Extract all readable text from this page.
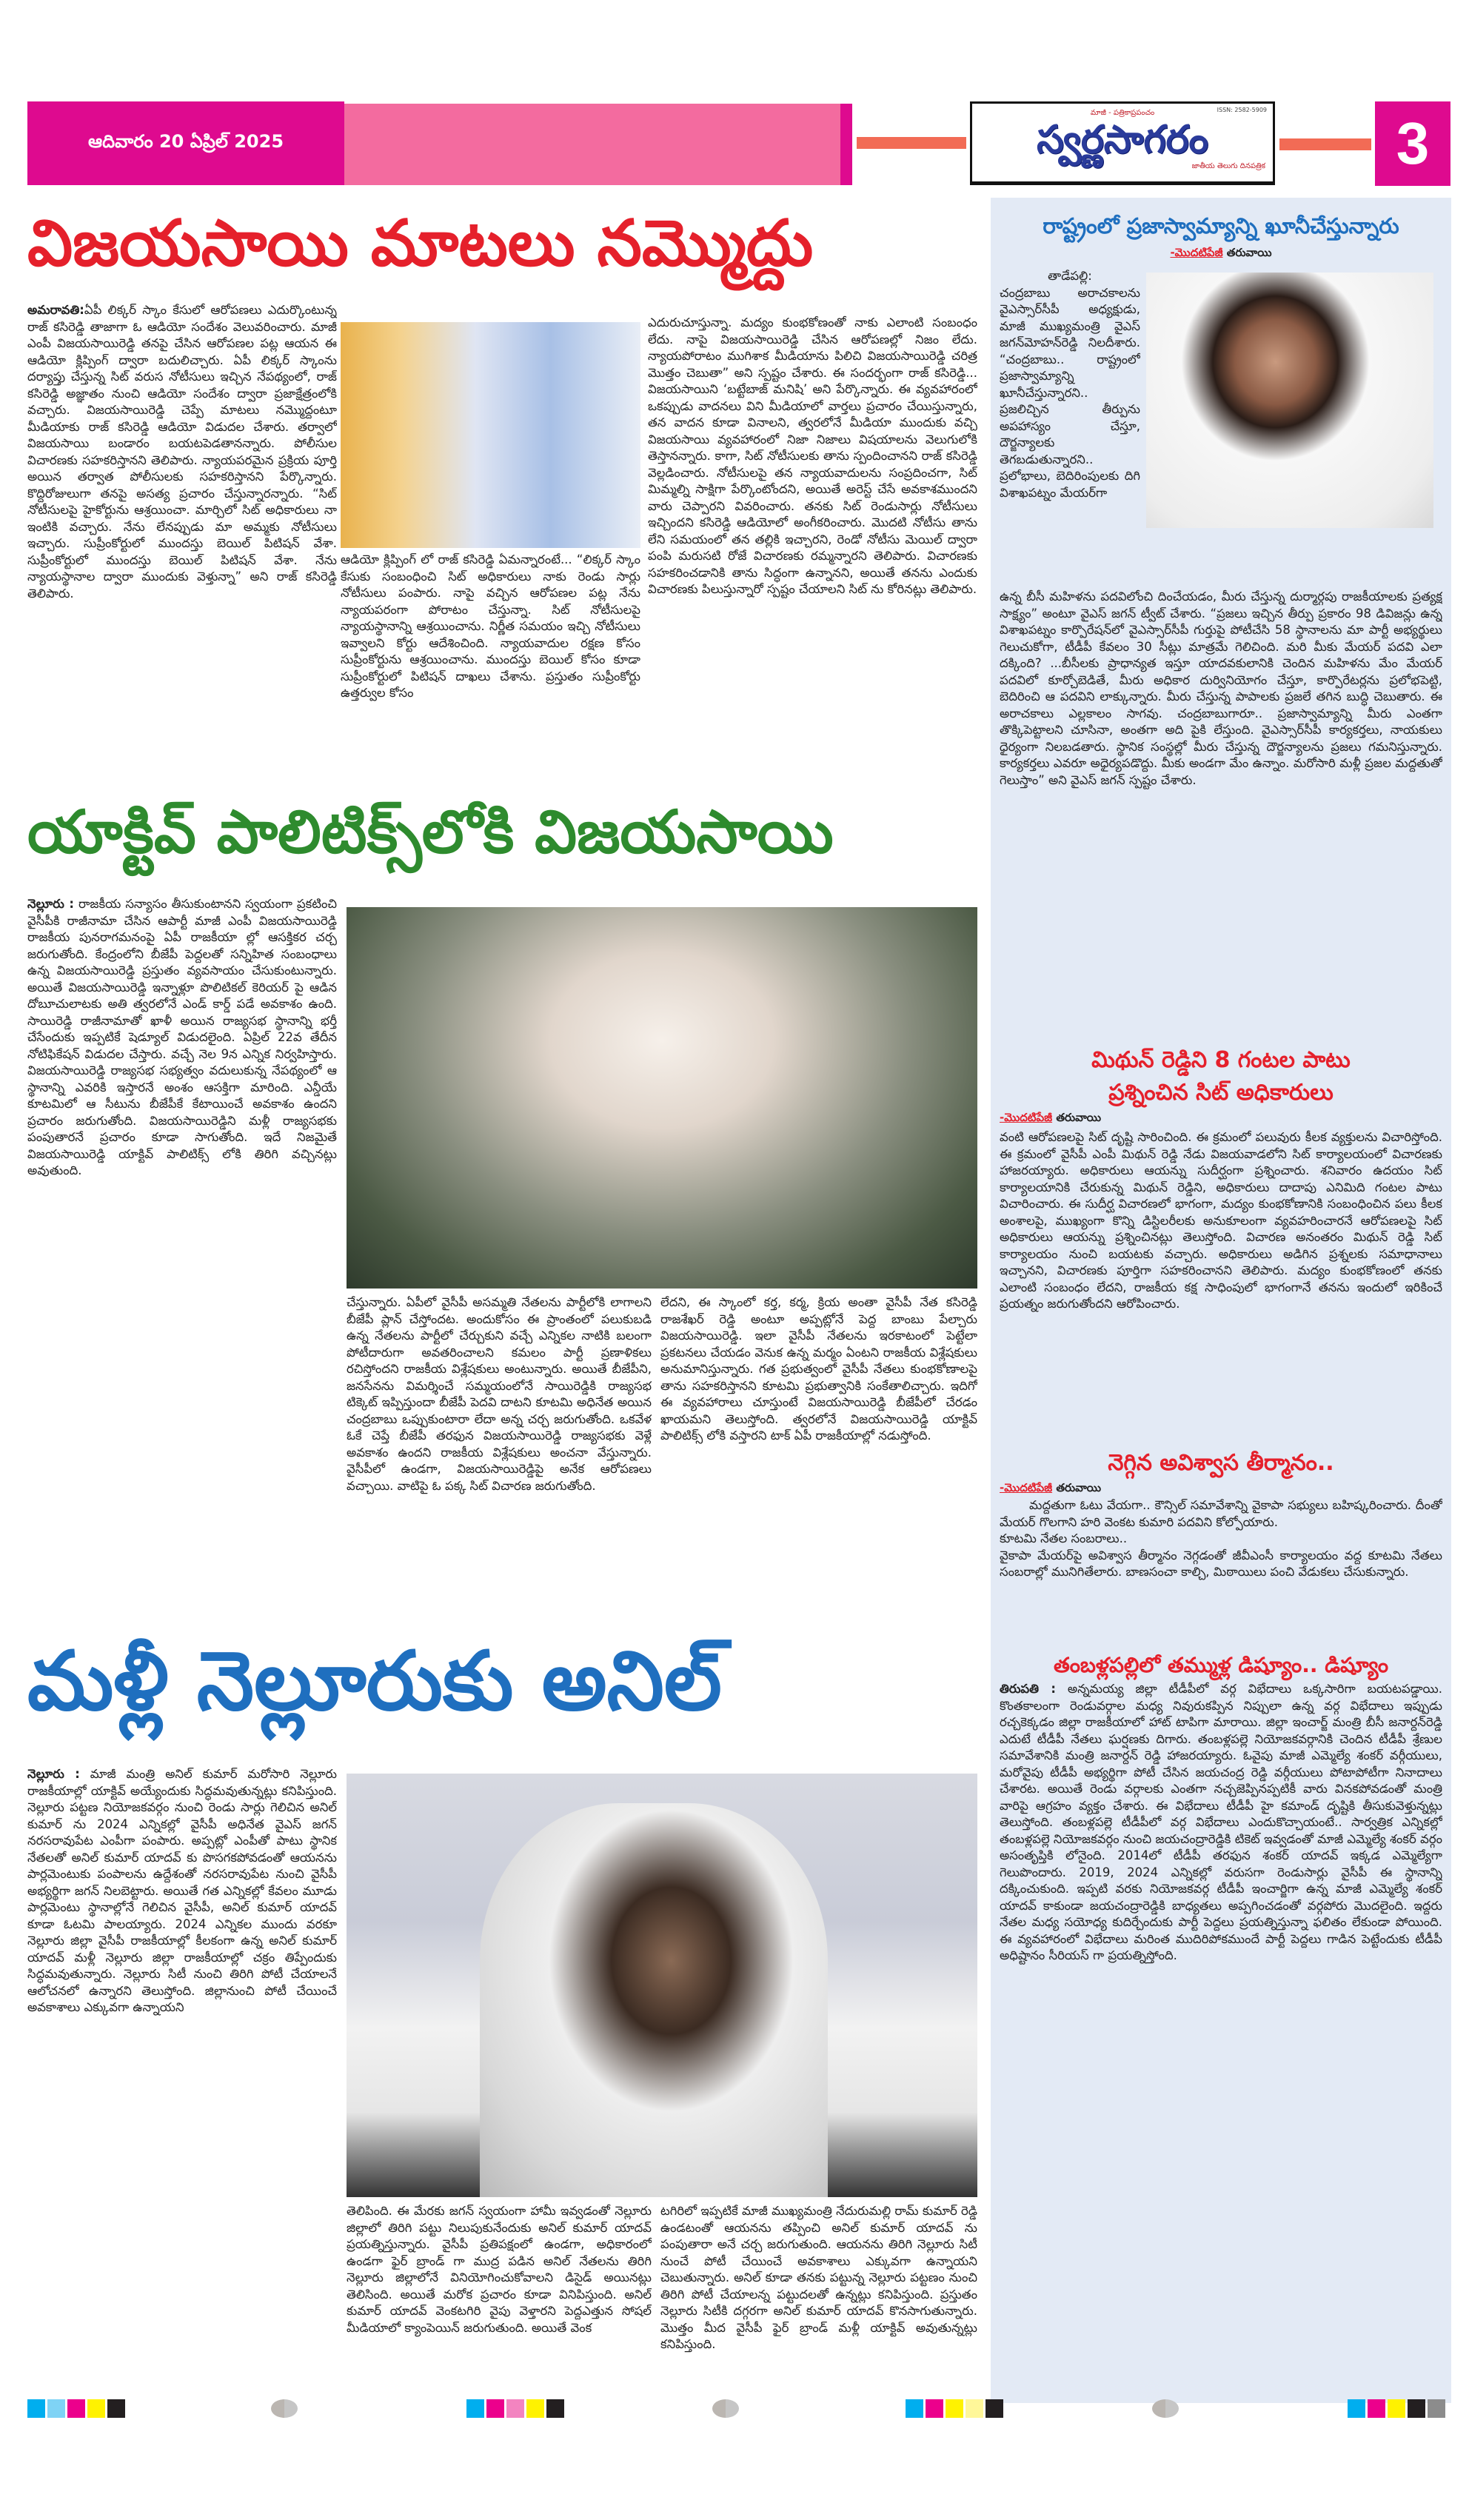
ఆదివారం 20 ఏప్రిల్ 2025
ISSN: 2582-5909
మాజీ - పత్రికాప్రపంచం
స్వర్ణసాగరం
జాతీయ తెలుగు దినపత్రిక	3
విజయసాయి మాటలు నమ్మొద్దు

అమరావతి:ఏపీ లిక్కర్ స్కాం కేసులో ఆరోపణలు ఎదుర్కొంటున్న రాజ్ కసిరెడ్డి తాజాగా ఓ ఆడియో సందేశం వెలువరించారు. మాజీ ఎంపీ విజయసాయిరెడ్డి తనపై చేసిన ఆరోపణల పట్ల ఆయన ఈ ఆడియో క్లిప్పింగ్ ద్వారా బదులిచ్చారు. ఏపీ లిక్కర్ స్కాంను దర్యాప్తు చేస్తున్న సిట్ వరుస నోటీసులు ఇచ్చిన నేపథ్యంలో, రాజ్ కసిరెడ్డి అజ్ఞాతం నుంచి ఆడియో సందేశం ద్వారా ప్రజాక్షేత్రంలోకి వచ్చారు. విజయసాయిరెడ్డి చెప్పే మాటలు నమ్మొద్దంటూ మీడియాకు రాజ్ కసిరెడ్డి ఆడియో విడుదల చేశారు. తర్వాలో విజయసాయి బండారం బయటపెడతానన్నారు. పోలీసుల విచారణకు సహకరిస్తానని తెలిపారు. న్యాయపరమైన ప్రక్రియ పూర్తి అయిన తర్వాత పోలీసులకు సహకరిస్తానని పేర్కొన్నారు. కొద్దిరోజులుగా తనపై అసత్య ప్రచారం చేస్తున్నారన్నారు. “సిట్ నోటీసులపై హైకోర్టును ఆశ్రయించా. మార్చిలో సిట్ అధికారులు నా ఇంటికి వచ్చారు. నేను లేనప్పుడు మా అమ్మకు నోటీసులు ఇచ్చారు. సుప్రీంకోర్టులో ముందస్తు బెయిల్ పిటిషన్ వేశా. సుప్రీంకోర్టులో ముందస్తు బెయిల్ పిటిషన్ వేశా. నేను న్యాయస్థానాల ద్వారా ముందుకు వెళ్తున్నా” అని రాజ్ కసిరెడ్డి తెలిపారు.

ఆడియో క్లిప్పింగ్ లో రాజ్ కసిరెడ్డి ఏమన్నారంటే... “లిక్కర్ స్కాం కేసుకు సంబంధించి సిట్ అధికారులు నాకు రెండు సార్లు నోటీసులు పంపారు. నాపై వచ్చిన ఆరోపణల పట్ల నేను న్యాయపరంగా పోరాటం చేస్తున్నా. సిట్ నోటీసులపై న్యాయస్థానాన్ని ఆశ్రయించాను. నిర్ణీత సమయం ఇచ్చి నోటీసులు ఇవ్వాలని కోర్టు ఆదేశించింది. న్యాయవాదుల రక్షణ కోసం సుప్రీంకోర్టును ఆశ్రయించాను. ముందస్తు బెయిల్ కోసం కూడా సుప్రీంకోర్టులో పిటిషన్ దాఖలు చేశాను. ప్రస్తుతం సుప్రీంకోర్టు ఉత్తర్వుల కోసం
ఎదురుచూస్తున్నా. మద్యం కుంభకోణంతో నాకు ఎలాంటి సంబంధం లేదు. నాపై విజయసాయిరెడ్డి చేసిన ఆరోపణల్లో నిజం లేదు. న్యాయపోరాటం ముగిశాక మీడియాను పిలిచి విజయసాయిరెడ్డి చరిత్ర మొత్తం చెబుతా” అని స్పష్టం చేశారు. ఈ సందర్భంగా రాజ్ కసిరెడ్డి... విజయసాయిని ‘బట్టేబాజ్ మనిషి’ అని పేర్కొన్నారు. ఈ వ్యవహారంలో ఒకప్పుడు వాదనలు విని మీడియాలో వార్తలు ప్రచారం చేయిస్తున్నారు, తన వాదన కూడా వినాలని, త్వరలోనే మీడియా ముందుకు వచ్చి విజయసాయి వ్యవహారంలో నిజా నిజాలు విషయాలను వెలుగులోకి తెస్తానన్నారు. కాగా, సిట్ నోటీసులకు తాను స్పందించానని రాజ్ కసిరెడ్డి వెల్లడించారు. నోటీసులపై తన న్యాయవాదులను సంప్రదించగా, సిట్ మిమ్మల్ని సాక్షిగా పేర్కొంటోందని, అయితే అరెస్ట్ చేసే అవకాశముందని వారు చెప్పారని వివరించారు. తనకు సిట్ రెండుసార్లు నోటీసులు ఇచ్చిందని కసిరెడ్డి ఆడియోలో అంగీకరించారు. మొదటి నోటీసు తాను లేని సమయంలో తన తల్లికి ఇచ్చారని, రెండో నోటీసు మెయిల్ ద్వారా పంపి మరుసటి రోజే విచారణకు రమ్మన్నారని తెలిపారు. విచారణకు సహకరించడానికి తాను సిద్ధంగా ఉన్నానని, అయితే తనను ఎందుకు విచారణకు పిలుస్తున్నారో స్పష్టం చేయాలని సిట్ ను కోరినట్లు తెలిపారు.
యాక్టివ్ పాలిటిక్స్‌లోకి విజయసాయి

నెల్లూరు : రాజకీయ సన్యాసం తీసుకుంటానని స్వయంగా ప్రకటించి వైసీపీకి రాజీనామా చేసిన ఆపార్టీ మాజీ ఎంపీ విజయసాయిరెడ్డి రాజకీయ పునరాగమనంపై ఏపీ రాజకీయా ల్లో ఆసక్తికర చర్చ జరుగుతోంది. కేంద్రంలోని బీజేపీ పెద్దలతో సన్నిహిత సంబంధాలు ఉన్న విజయసాయిరెడ్డి ప్రస్తుతం వ్యవసాయం చేసుకుంటున్నారు. అయితే విజయసాయిరెడ్డి ఇన్నాళ్లూ పొలిటికల్ కెరియర్ పై ఆడిన దోబూచులాటకు అతి త్వరలోనే ఎండ్ కార్డ్ పడే అవకాశం ఉంది. సాయిరెడ్డి రాజీనామాతో ఖాళీ అయిన రాజ్యసభ స్థానాన్ని భర్తీ చేసేందుకు ఇప్పటికే షెడ్యూల్ విడుదలైంది. ఏప్రిల్ 22వ తేదీన నోటిఫికేషన్ విడుదల చేస్తారు. వచ్చే నెల 9న ఎన్నిక నిర్వహిస్తారు. విజయసాయిరెడ్డి రాజ్యసభ సభ్యత్వం వదులుకున్న నేపథ్యంలో ఆ స్థానాన్ని ఎవరికి ఇస్తారనే అంశం ఆసక్తిగా మారింది. ఎన్డీయే కూటమిలో ఆ సీటును బీజేపీకే కేటాయించే అవకాశం ఉందని ప్రచారం జరుగుతోంది. విజయసాయిరెడ్డిని మళ్లీ రాజ్యసభకు పంపుతారనే ప్రచారం కూడా సాగుతోంది. ఇదే నిజమైతే విజయసాయిరెడ్డి యాక్టివ్ పాలిటిక్స్ లోకి తిరిగి వచ్చినట్లు అవుతుంది.

చేస్తున్నారు. ఏపీలో వైసీపీ అసమ్మతి నేతలను పార్టీలోకి లాగాలని బీజేపీ ప్లాన్ చేస్తోందట. అందుకోసం ఈ ప్రాంతంలో పలుకుబడి ఉన్న నేతలను పార్టీలో చేర్చుకుని వచ్చే ఎన్నికల నాటికి బలంగా పోటీదారుగా అవతరించాలని కమలం పార్టీ ప్రణాళికలు రచిస్తోందని రాజకీయ విశ్లేషకులు అంటున్నారు. అయితే బీజేపీని, జనసేనను విమర్శించే సమ్మయంలోనే సాయిరెడ్డికి రాజ్యసభ టిక్కెట్ ఇప్పిస్తుందా బీజేపీ పెదవి దాటని కూటమి అధినేత అయిన చంద్రబాబు ఒప్పుకుంటారా లేదా అన్న చర్చ జరుగుతోంది. ఒకవేళ ఓకే చెప్తే బీజేపీ తరఫున విజయసాయిరెడ్డి రాజ్యసభకు వెళ్లే అవకాశం ఉందని రాజకీయ విశ్లేషకులు అంచనా వేస్తున్నారు. వైసీపీలో ఉండగా, విజయసాయిరెడ్డిపై అనేక ఆరోపణలు వచ్చాయి. వాటిపై ఓ పక్క సిట్ విచారణ జరుగుతోంది.
లేదని, ఈ స్కాంలో కర్త, కర్మ, క్రియ అంతా వైసీపీ నేత కసిరెడ్డి రాజశేఖర్ రెడ్డి అంటూ అప్పట్లోనే పెద్ద బాంబు పేల్చారు విజయసాయిరెడ్డి. ఇలా వైసీపీ నేతలను ఇరకాటంలో పెట్టేలా ప్రకటనలు చేయడం వెనుక ఉన్న మర్మం ఏంటని రాజకీయ విశ్లేషకులు అనుమానిస్తున్నారు. గత ప్రభుత్వంలో వైసీపీ నేతలు కుంభకోణాలపై తాను సహకరిస్తానని కూటమి ప్రభుత్వానికి సంకేతాలిచ్చారు. ఇదిగో ఈ వ్యవహారాలు చూస్తుంటే విజయసాయిరెడ్డి బీజేపీలో చేరడం ఖాయమని తెలుస్తోంది. త్వరలోనే విజయసాయిరెడ్డి యాక్టివ్ పాలిటిక్స్ లోకి వస్తారని టాక్ ఏపీ రాజకీయాల్లో నడుస్తోంది.
మళ్లీ నెల్లూరుకు అనిల్

నెల్లూరు : మాజీ మంత్రి అనిల్ కుమార్ మరోసారి నెల్లూరు రాజకీయాల్లో యాక్టివ్ అయ్యేందుకు సిద్ధమవుతున్నట్లు కనిపిస్తుంది. నెల్లూరు పట్టణ నియోజకవర్గం నుంచి రెండు సార్లు గెలిచిన అనిల్ కుమార్ ను 2024 ఎన్నికల్లో వైసీపీ అధినేత వైఎస్ జగన్ నరసరావుపేట ఎంపీగా పంపారు. అప్పట్లో ఎంపీతో పాటు స్థానిక నేతలతో అనిల్ కుమార్ యాదవ్ కు పొసగకపోవడంతో ఆయనను పార్లమెంటుకు పంపాలను ఉద్దేశంతో నరసరావుపేట నుంచి వైసీపీ అభ్యర్థిగా జగన్ నిలబెట్టారు. అయితే గత ఎన్నికల్లో కేవలం మూడు పార్లమెంటు స్థానాల్లోనే గెలిచిన వైసీపీ, అనిల్ కుమార్ యాదవ్ కూడా ఓటమి పాలయ్యారు. 2024 ఎన్నికల ముందు వరకూ నెల్లూరు జిల్లా వైసీపీ రాజకీయాల్లో కీలకంగా ఉన్న అనిల్ కుమార్ యాదవ్ మళ్లీ నెల్లూరు జిల్లా రాజకీయాల్లో చక్రం తిప్పేందుకు సిద్ధమవుతున్నారు. నెల్లూరు సిటీ నుంచి తిరిగి పోటీ చేయాలనే ఆలోచనలో ఉన్నారని తెలుస్తోంది. జిల్లానుంచి పోటీ చేయించే అవకాశాలు ఎక్కువగా ఉన్నాయని

తెలిపింది. ఈ మేరకు జగన్ స్వయంగా హామీ ఇవ్వడంతో నెల్లూరు జిల్లాలో తిరిగి పట్టు నిలుపుకునేందుకు అనిల్ కుమార్ యాదవ్ ప్రయత్నిస్తున్నారు. వైసీపీ ప్రతిపక్షంలో ఉండగా, అధికారంలో ఉండగా ఫైర్ బ్రాండ్ గా ముద్ర పడిన అనిల్ నేతలను తిరిగి నెల్లూరు జిల్లాలోనే వినియోగించుకోవాలని డిసైడ్ అయినట్లు తెలిసింది. అయితే మరోక ప్రచారం కూడా వినిపిస్తుంది. అనిల్ కుమార్ యాదవ్ వెంకటగిరి వైపు వెళ్తారని పెద్దఎత్తున సోషల్ మీడియాలో క్యాంపెయిన్ జరుగుతుంది. అయితే వెంక
టగిరిలో ఇప్పటికే మాజీ ముఖ్యమంత్రి నేదురుమల్లి రామ్ కుమార్ రెడ్డి ఉండటంతో ఆయనను తప్పించి అనిల్ కుమార్ యాదవ్ ను పంపుతారా అనే చర్చ జరుగుతుంది. ఆయనను తిరిగి నెల్లూరు సిటీ నుంచే పోటీ చేయించే అవకాశాలు ఎక్కువగా ఉన్నాయని చెబుతున్నారు. అనిల్ కూడా తనకు పట్టున్న నెల్లూరు పట్టణం నుంచి తిరిగి పోటీ చేయాలన్న పట్టుదలతో ఉన్నట్లు కనిపిస్తుంది. ప్రస్తుతం నెల్లూరు సిటీకి దగ్గరగా అనిల్ కుమార్ యాదవ్ కొనసాగుతున్నారు. మొత్తం మీద వైసీపీ ఫైర్ బ్రాండ్ మళ్లీ యాక్టివ్ అవుతున్నట్లు కనిపిస్తుంది.
రాష్ట్రంలో ప్రజాస్వామ్యాన్ని ఖూనీచేస్తున్నారు
-మొదటిపేజీ తరువాయి

తాడేపల్లి:

చంద్రబాబు అరాచకాలను వైఎస్సార్‌సీపీ అధ్యక్షుడు, మాజీ ముఖ్యమంత్రి వైఎస్ జగన్‌మోహన్‌రెడ్డి నిలదీశారు. “చంద్రబాబు.. రాష్ట్రంలో ప్రజాస్వామ్యాన్ని ఖూనీచేస్తున్నారని.. ప్రజలిచ్చిన తీర్పును అపహాస్యం చేస్తూ, దౌర్జన్యాలకు తెగబడుతున్నారని.. ప్రలోభాలు, బెదిరింపులకు దిగి విశాఖపట్నం మేయర్‌గా

ఉన్న బీసీ మహిళను పదవిలోంచి దించేయడం, మీరు చేస్తున్న దుర్మార్గపు రాజకీయాలకు ప్రత్యక్ష సాక్ష్యం” అంటూ వైఎస్ జగన్ ట్వీట్ చేశారు. “ప్రజలు ఇచ్చిన తీర్పు ప్రకారం 98 డివిజన్లు ఉన్న విశాఖపట్నం కార్పొరేషన్‌లో వైఎస్సార్‌సీపీ గుర్తుపై పోటీచేసి 58 స్థానాలను మా పార్టీ అభ్యర్థులు గెలుచుకోగా, టీడీపీ కేవలం 30 సీట్లు మాత్రమే గెలిచింది. మరి మీకు మేయర్ పదవి ఎలా దక్కింది? ...బీసీలకు ప్రాధాన్యత ఇస్తూ యాదవకులానికి చెందిన మహిళను మేం మేయర్ పదవిలో కూర్చోబెడితే, మీరు అధికార దుర్వినియోగం చేస్తూ, కార్పొరేటర్లను ప్రలోభపెట్టి, బెదిరించి ఆ పదవిని లాక్కున్నారు. మీరు చేస్తున్న పాపాలకు ప్రజలే తగిన బుద్ధి చెబుతారు. ఈ అరాచకాలు ఎల్లకాలం సాగవు. చంద్రబాబుగారూ.. ప్రజాస్వామ్యాన్ని మీరు ఎంతగా తొక్కిపెట్టాలని చూసినా, అంతగా అది పైకి లేస్తుంది. వైఎస్సార్‌సీపీ కార్యకర్తలు, నాయకులు ధైర్యంగా నిలబడతారు. స్థానిక సంస్థల్లో మీరు చేస్తున్న దౌర్జన్యాలను ప్రజలు గమనిస్తున్నారు. కార్యకర్తలు ఎవరూ అధైర్యపడొద్దు. మీకు అండగా మేం ఉన్నాం. మరోసారి మళ్లీ ప్రజల మద్దతుతో గెలుస్తాం” అని వైఎస్ జగన్ స్పష్టం చేశారు.
మిథున్ రెడ్డిని 8 గంటల పాటు
ప్రశ్నించిన సిట్ అధికారులు
-మొదటిపేజీ తరువాయి
వంటి ఆరోపణలపై సిట్ దృష్టి సారించింది. ఈ క్రమంలో పలువురు కీలక వ్యక్తులను విచారిస్తోంది. ఈ క్రమంలో వైసీపీ ఎంపీ మిథున్ రెడ్డి నేడు విజయవాడలోని సిట్ కార్యాలయంలో విచారణకు హాజరయ్యారు. అధికారులు ఆయన్ను సుదీర్ఘంగా ప్రశ్నించారు. శనివారం ఉదయం సిట్ కార్యాలయానికి చేరుకున్న మిథున్ రెడ్డిని, అధికారులు దాదాపు ఎనిమిది గంటల పాటు విచారించారు. ఈ సుదీర్ఘ విచారణలో భాగంగా, మద్యం కుంభకోణానికి సంబంధించిన పలు కీలక అంశాలపై, ముఖ్యంగా కొన్ని డిస్టిలరీలకు అనుకూలంగా వ్యవహరించారనే ఆరోపణలపై సిట్ అధికారులు ఆయన్ను ప్రశ్నించినట్లు తెలుస్తోంది. విచారణ అనంతరం మిథున్ రెడ్డి సిట్ కార్యాలయం నుంచి బయటకు వచ్చారు. అధికారులు అడిగిన ప్రశ్నలకు సమాధానాలు ఇచ్చానని, విచారణకు పూర్తిగా సహకరించానని తెలిపారు. మద్యం కుంభకోణంలో తనకు ఎలాంటి సంబంధం లేదని, రాజకీయ కక్ష సాధింపులో భాగంగానే తనను ఇందులో ఇరికించే ప్రయత్నం జరుగుతోందని ఆరోపించారు.
నెగ్గిన అవిశ్వాస తీర్మానం..
-మొదటిపేజీ తరువాయి

మద్దతుగా ఓటు వేయగా.. కౌన్సిల్ సమావేశాన్ని వైకాపా సభ్యులు బహిష్కరించారు. దీంతో మేయర్ గొలగాని హరి వెంకట కుమారి పదవిని కోల్పోయారు.

కూటమి నేతల సంబరాలు..

వైకాపా మేయర్‌పై అవిశ్వాస తీర్మానం నెగ్గడంతో జీవీఎంసీ కార్యాలయం వద్ద కూటమి నేతలు సంబరాల్లో మునిగితేలారు. బాణసంచా కాల్చి, మిఠాయిలు పంచి వేడుకలు చేసుకున్నారు.

తంబళ్లపల్లిలో తమ్ముళ్ల డిష్యూం.. డిష్యూం

తిరుపతి : అన్నమయ్య జిల్లా టీడీపీలో వర్గ విభేదాలు ఒక్కసారిగా బయటపడ్డాయి. కొంతకాలంగా రెండువర్గాల మధ్య నివురుకప్పిన నిప్పులా ఉన్న వర్గ విభేదాలు ఇప్పుడు రచ్చకెక్కడం జిల్లా రాజకీయాలో హాట్ టాపిగా మారాయి. జిల్లా ఇంచార్జ్ మంత్రి బీసీ జనార్దన్‌రెడ్డి ఎదుటే టీడీపీ నేతలు ఘర్షణకు దిగారు. తంబళ్లపల్లె నియోజకవర్గానికి చెందిన టీడీపీ శ్రేణుల సమావేశానికి మంత్రి జనార్దన్ రెడ్డి హాజరయ్యారు. ఓవైపు మాజీ ఎమ్మెల్యే శంకర్ వర్గీయులు, మరోవైపు టీడీపీ అభ్యర్థిగా పోటీ చేసిన జయచంద్ర రెడ్డి వర్గీయులు పోటాపోటీగా నినాదాలు చేశారట. అయితే రెండు వర్గాలకు ఎంతగా నచ్చజెప్పినప్పటికీ వారు వినకపోవడంతో మంత్రి వారిపై ఆగ్రహం వ్యక్తం చేశారు. ఈ విభేదాలు టీడీపీ హై కమాండ్ దృష్టికి తీసుకువెళ్తున్నట్లు తెలుస్తోంది. తంబళ్లపల్లె టీడీపీలో వర్గ విభేదాలు ఎందుకొచ్చాయంటే.. సార్వత్రిక ఎన్నికల్లో తంబళ్లపల్లె నియోజకవర్గం నుంచి జయచంద్రారెడ్డికి టికెట్ ఇవ్వడంతో మాజీ ఎమ్మెల్యే శంకర్ వర్గం అసంతృప్తికి లోనైంది. 2014లో టీడీపీ తరఫున శంకర్ యాదవ్ ఇక్కడ ఎమ్మెల్యేగా గెలుపొందారు. 2019, 2024 ఎన్నికల్లో వరుసగా రెండుసార్లు వైసీపీ ఈ స్థానాన్ని దక్కించుకుంది. ఇప్పటి వరకు నియోజకవర్గ టీడీపీ ఇంచార్జిగా ఉన్న మాజీ ఎమ్మెల్యే శంకర్ యాదవ్ కాకుండా జయచంద్రారెడ్డికి బాధ్యతలు అప్పగించడంతో వర్గపోరు మొదలైంది. ఇద్దరు నేతల మధ్య సయోధ్య కుదిర్చేందుకు పార్టీ పెద్దలు ప్రయత్నిస్తున్నా ఫలితం లేకుండా పోయింది. ఈ వ్యవహారంలో విభేదాలు మరింత ముదిరిపోకముందే పార్టీ పెద్దలు గాడిన పెట్టేందుకు టీడీపీ అధిష్టానం సీరియస్ గా ప్రయత్నిస్తోంది.
